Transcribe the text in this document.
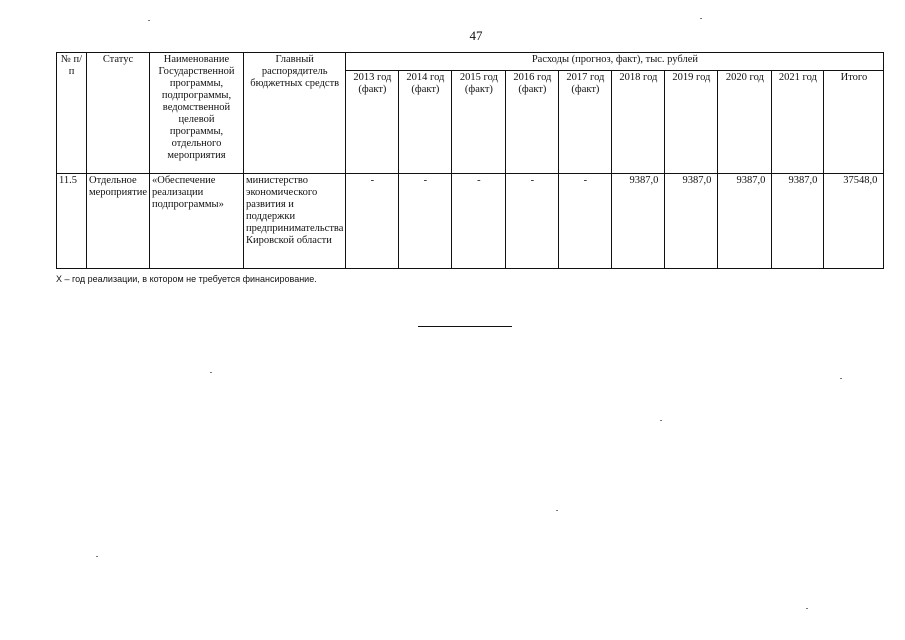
47
№ п/п	Статус	Наименование Государственной программы, подпрограммы, ведомственной целевой программы, отдельного мероприятия	Главный распорядитель бюджетных средств	Расходы (прогноз, факт), тыс. рублей									
				2013 год (факт)	2014 год (факт)	2015 год (факт)	2016 год (факт)	2017 год (факт)	2018 год	2019 год	2020 год	2021 год	Итого
11.5	Отдельное мероприятие	«Обеспечение реализации подпрограммы»	министерство экономического развития и поддержки предпринимательства Кировской области	-	-	-	-	-	9387,0	9387,0	9387,0	9387,0	37548,0
Х – год реализации, в котором не требуется финансирование.
